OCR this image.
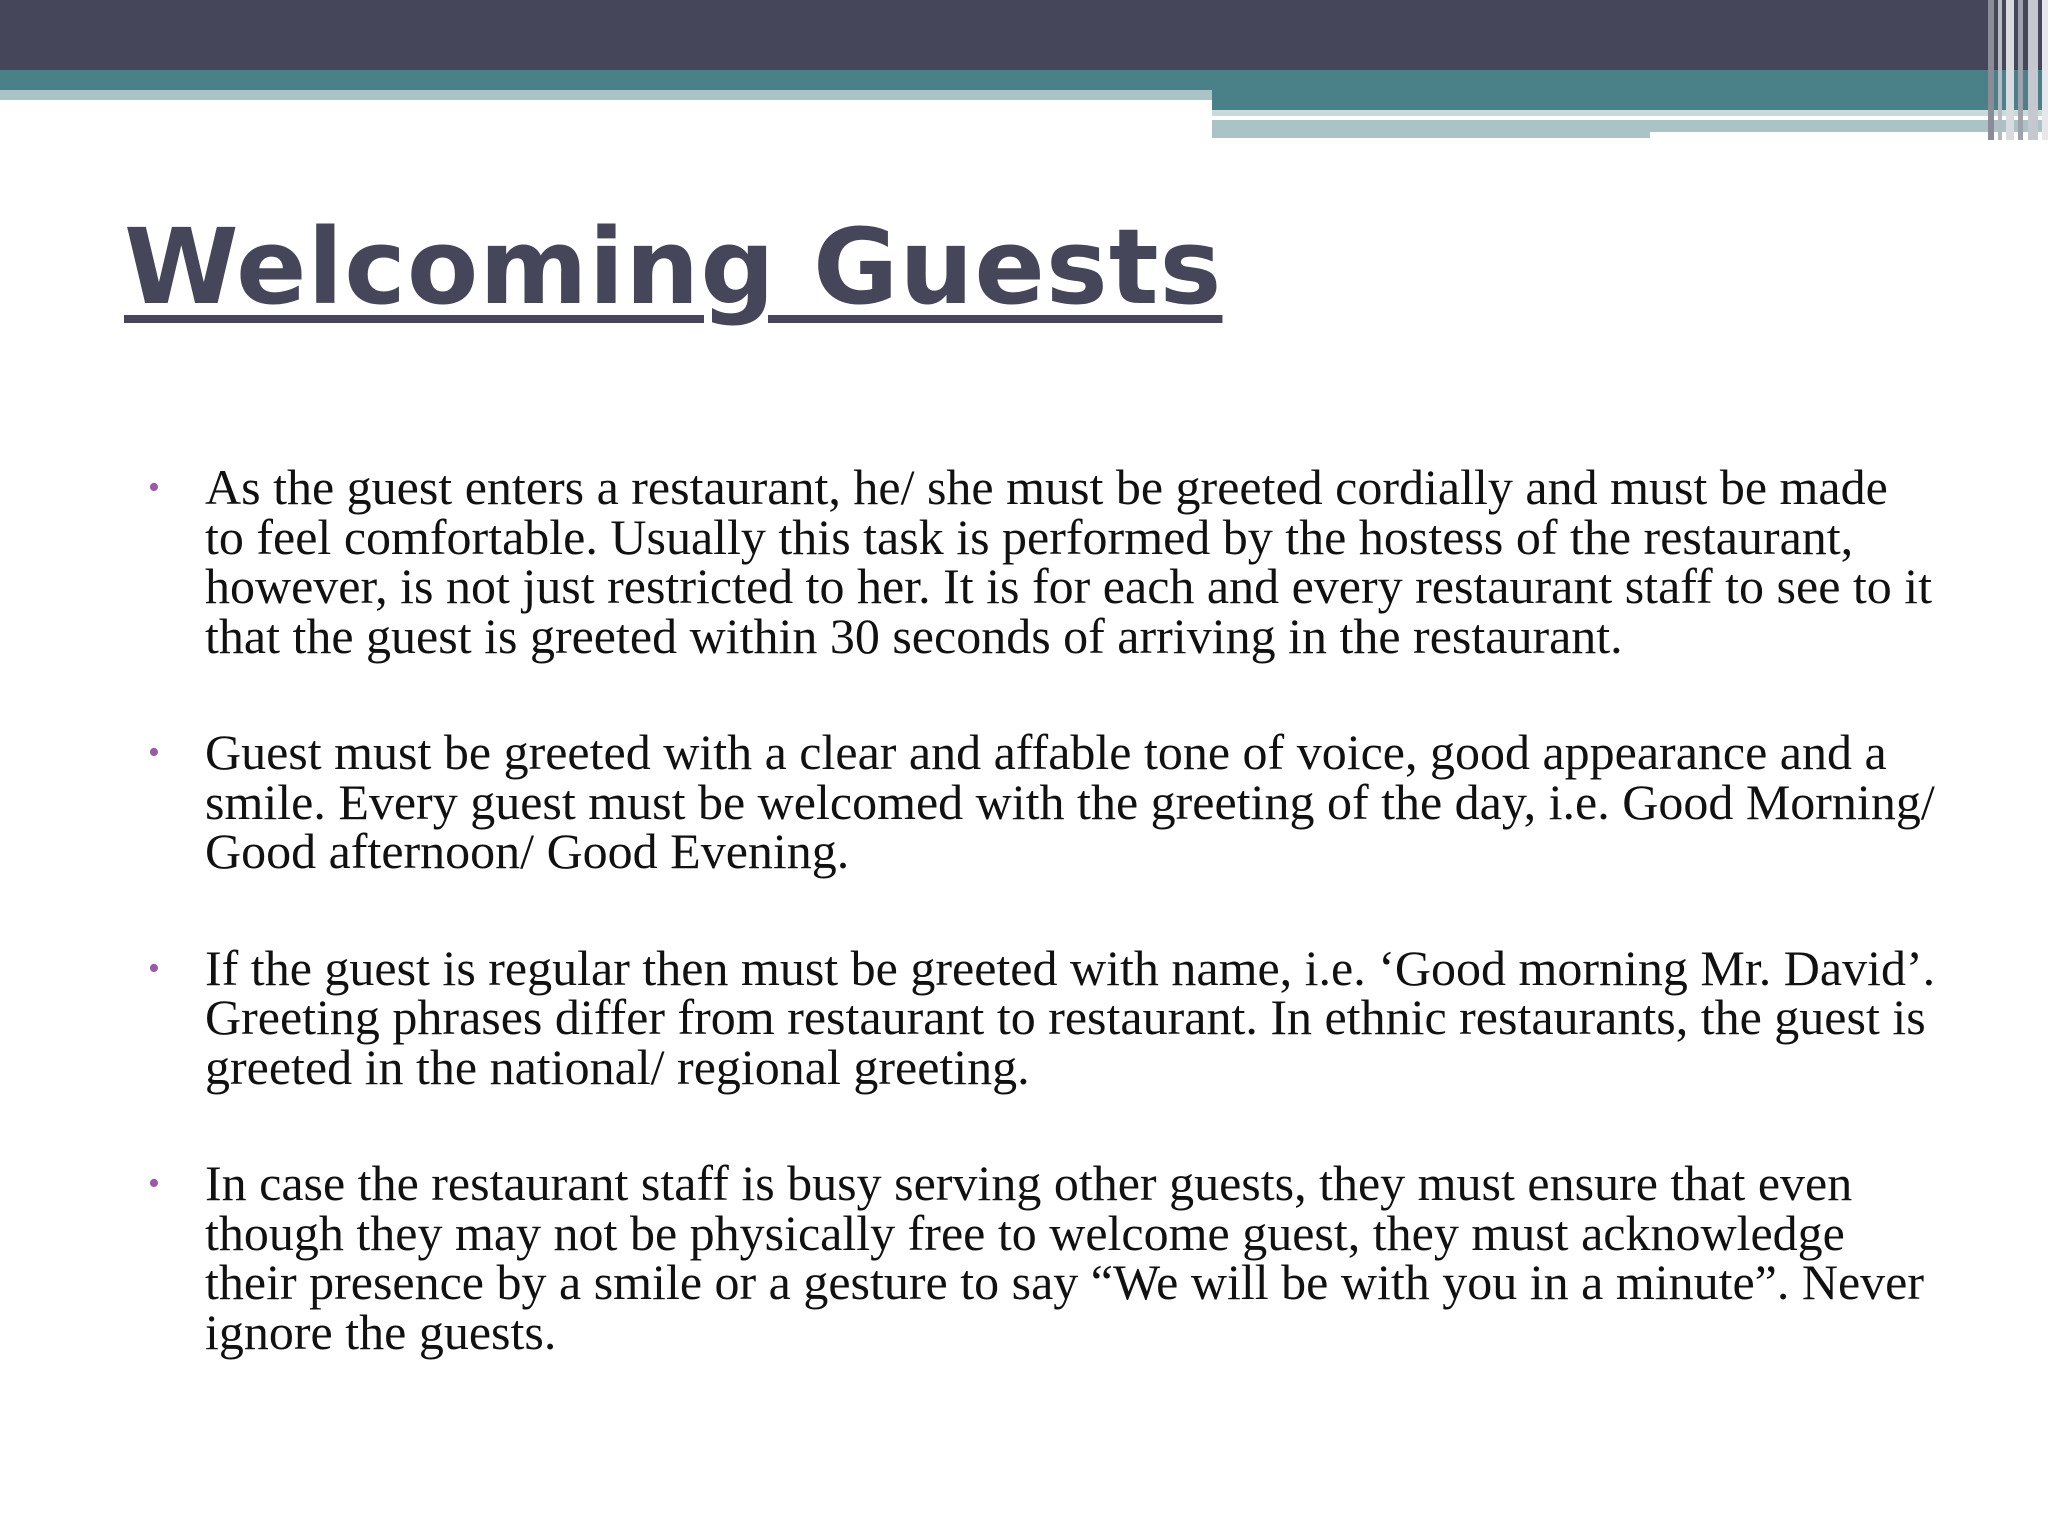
Welcoming Guests
• As the guest enters a restaurant, he/ she must be greeted cordially and must be made to feel comfortable. Usually this task is performed by the hostess of the restaurant, however, is not just restricted to her. It is for each and every restaurant staff to see to it that the guest is greeted within 30 seconds of arriving in the restaurant.
• Guest must be greeted with a clear and affable tone of voice, good appearance and a smile. Every guest must be welcomed with the greeting of the day, i.e. Good Morning/ Good afternoon/ Good Evening.
• If the guest is regular then must be greeted with name, i.e. ‘Good morning Mr. David’. Greeting phrases differ from restaurant to restaurant. In ethnic restaurants, the guest is greeted in the national/ regional greeting.
• In case the restaurant staff is busy serving other guests, they must ensure that even though they may not be physically free to welcome guest, they must acknowledge their presence by a smile or a gesture to say “We will be with you in a minute”. Never ignore the guests.
